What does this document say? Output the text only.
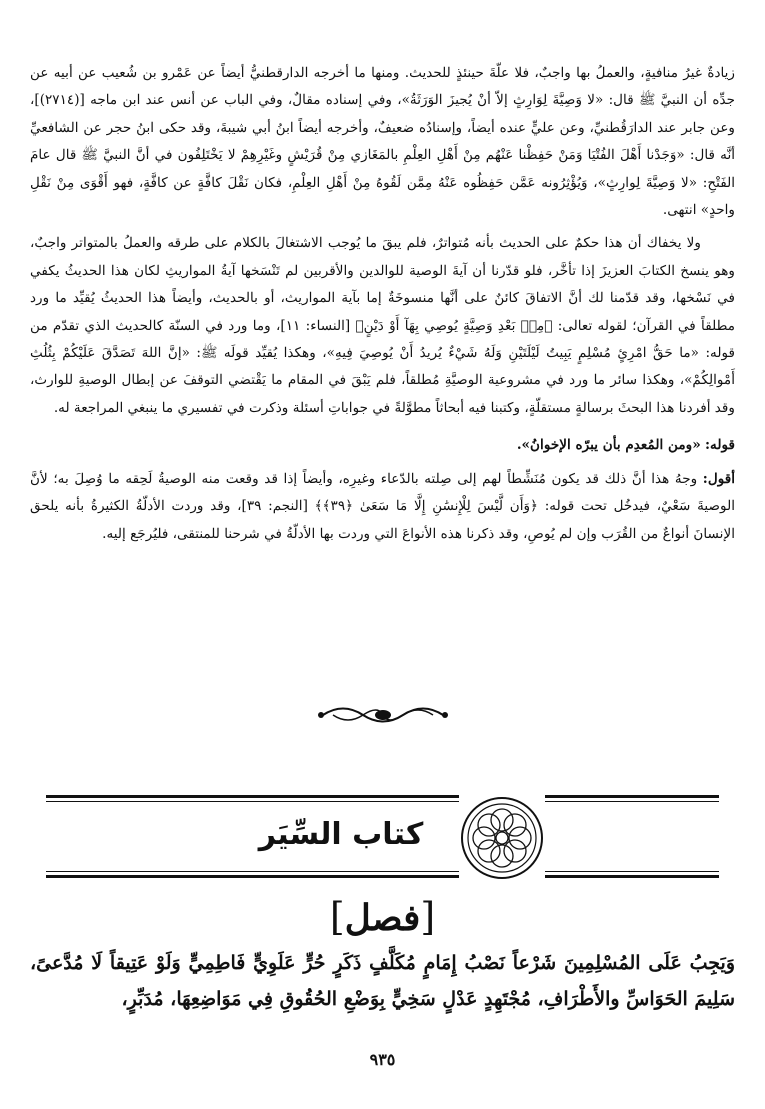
زيادةٌ غيرُ منافيةٍ، والعملُ بها واجبٌ، فلا علّةَ حينئذٍ للحديث. ومنها ما أخرجه الدارقطنيُّ أيضاً عن عَمْرو بن شُعيب عن أبيه عن جدِّه أن النبيَّ ﷺ قال: «لا وَصِيَّةَ لِوَارِثٍ إلاّ أنْ يُجيزَ الوَرَثَةُ»، وفي إسناده مقالٌ، وفي الباب عن أنس عند ابن ماجه [(٢٧١٤)]، وعن جابر عند الدارَقُطنيِّ، وعن عليٍّ عنده أيضاً، وإسنادُه ضعيفٌ، وأخرجه أيضاً ابنُ أبي شيبةَ، وقد حكى ابنُ حجر عن الشافعيِّ أنَّه قال: «وَجَدْنا أَهْلَ الفُتْيَا وَمَنْ حَفِظْنا عَنْهُم مِنْ أَهْلِ العِلْمِ بالمَغَازي مِنْ قُرَيْشٍ وغَيْرِهِمْ لا يَخْتَلِفُون في أنَّ النبيَّ ﷺ قال عامَ الفَتْحِ: «لا وَصِيَّةَ لِوارِثٍ»، وَيُؤْثِرُونه عَمَّن حَفِظُوه عَنْهُ مِمَّن لَقُوهُ مِنْ أَهْلِ العِلْمِ، فكان نَقْلَ كافَّةٍ عن كافَّةٍ، فهو أَقْوَى مِنْ نَقْلِ واحدٍ» انتهى.

ولا يخفاك أن هذا حكمٌ على الحديث بأنه مُتواترٌ، فلم يبقَ ما يُوجب الاشتغالَ بالكلام على طرقه والعملُ بالمتواتر واجبٌ، وهو ينسخ الكتابَ العزيزَ إذا تأخَّر، فلو قدّرنا أن آيةَ الوصية للوالدين والأقربين لم تَنْسَخها آيةُ المواريثِ لكان هذا الحديثُ يكفي في نَسْخها، وقد قدّمنا لك أنَّ الاتفاقَ كائنٌ على أنَّها منسوخَةٌ إما بآية المواريث، أو بالحديث، وأيضاً هذا الحديثُ يُقيِّد ما ورد مطلقاً في القرآن؛ لقوله تعالى: ﴿مِنۢ بَعْدِ وَصِيَّةٍ يُوصِي بِهَآ أَوْ دَيْنٍ﴾ [النساء: ١١]، وما ورد في السنّة كالحديث الذي تقدّم من قوله: «ما حَقُّ امْرِئٍ مُسْلِمٍ يَبِيتُ لَيْلَتَيْنِ وَلَهُ شَيْءٌ يُريدُ أَنْ يُوصِيَ فِيهِ»، وهكذا يُقيِّد قولَه ﷺ: «إنَّ اللهَ تَصَدَّقَ عَلَيْكُمْ بِثُلُثِ أَمْوالِكُمْ»، وهكذا سائر ما ورد في مشروعية الوصيَّةِ مُطلقاً، فلم يَبْقَ في المقام ما يَقْتضي التوقفَ عن إبطال الوصيةِ للوارث، وقد أفردنا هذا البحثَ برسالةٍ مستقلّةٍ، وكتبنا فيه أبحاثاً مطوَّلةً في جواباتِ أسئلة وذكرت في تفسيري ما ينبغي المراجعة له.

قوله: «ومن المُعدِم بأن يبرّه الإخوانُ».

أقول: وجهُ هذا أنَّ ذلك قد يكون مُنَشِّطاً لهم إلى صِلته بالدّعاء وغيرِه، وأيضاً إذا قد وقعت منه الوصيةُ لَحِقه ما وُصِلَ به؛ لأنَّ الوصيةَ سَعْيٌ، فيدخُل تحت قوله: ﴿وَأَن لَّيْسَ لِلْإِنسَٰنِ إِلَّا مَا سَعَىٰ ﴿٣٩﴾﴾ [النجم: ٣٩]، وقد وردت الأدلّةُ الكثيرةُ بأنه يلحق الإنسانَ أنواعٌ من القُرَب وإن لم يُوصِ، وقد ذكرنا هذه الأنواعَ التي وردت بها الأدلّةُ في شرحنا للمنتقى، فليُرجَع إليه.

كتاب السِّيَر
[فصل]
وَيَجِبُ عَلَى المُسْلِمِينَ شَرْعاً نَصْبُ إِمَامٍ مُكَلَّفٍ ذَكَرٍ حُرٍّ عَلَوِيٍّ فَاطِمِيٍّ وَلَوْ عَتِيقاً لَا مُدَّعىً، سَلِيمَ الحَوَاسِّ والأَطْرَافِ، مُجْتَهِدٍ عَدْلٍ سَخِيٍّ بِوَضْعِ الحُقُوقِ فِي مَوَاضِعِهَا، مُدَبِّرٍ،
٩٣٥
